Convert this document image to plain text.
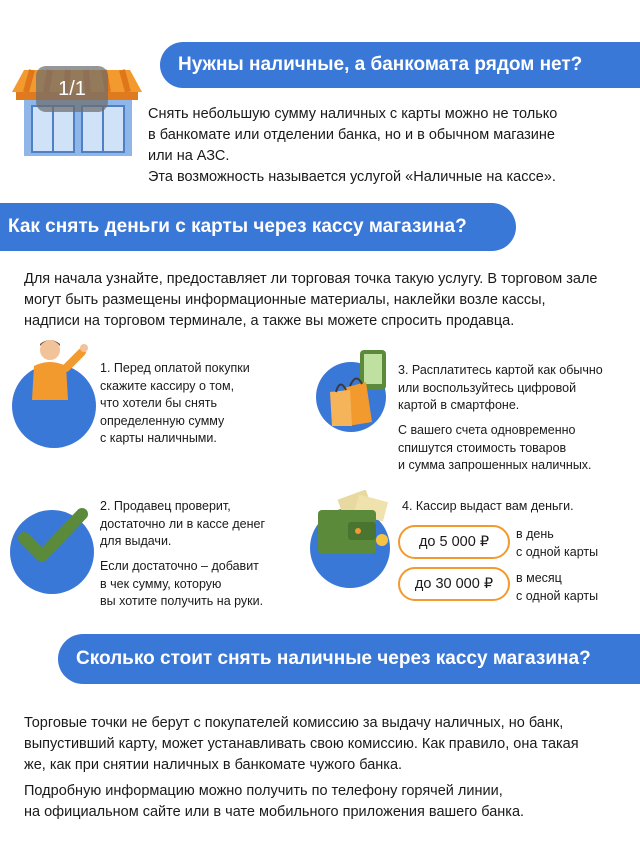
Нужны наличные, а банкомата рядом нет?
1/1
Снять небольшую сумму наличных с карты можно не только
в банкомате или отделении банка, но и в обычном магазине
или на АЗС.
Эта возможность называется услугой «Наличные на кассе».
Как снять деньги с карты через кассу магазина?
Для начала узнайте, предоставляет ли торговая точка такую услугу. В торговом зале
могут быть размещены информационные материалы, наклейки возле кассы,
надписи на торговом терминале, а также вы можете спросить продавца.
1. Перед оплатой покупки
скажите кассиру о том,
что хотели бы снять
определенную сумму
с карты наличными.
3. Расплатитесь картой как обычно
или воспользуйтесь цифровой
картой в смартфоне.
С вашего счета одновременно
спишутся стоимость товаров
и сумма запрошенных наличных.
2. Продавец проверит,
достаточно ли в кассе денег
для выдачи.
Если достаточно – добавит
в чек сумму, которую
вы хотите получить на руки.
4. Кассир выдаст вам деньги.
до 5 000 ₽ в день
с одной карты
до 30 000 ₽ в месяц
с одной карты
Сколько стоит снять наличные через кассу магазина?
Торговые точки не берут с покупателей комиссию за выдачу наличных, но банк,
выпустивший карту, может устанавливать свою комиссию. Как правило, она такая
же, как при снятии наличных в банкомате чужого банка.
Подробную информацию можно получить по телефону горячей линии,
на официальном сайте или в чате мобильного приложения вашего банка.
